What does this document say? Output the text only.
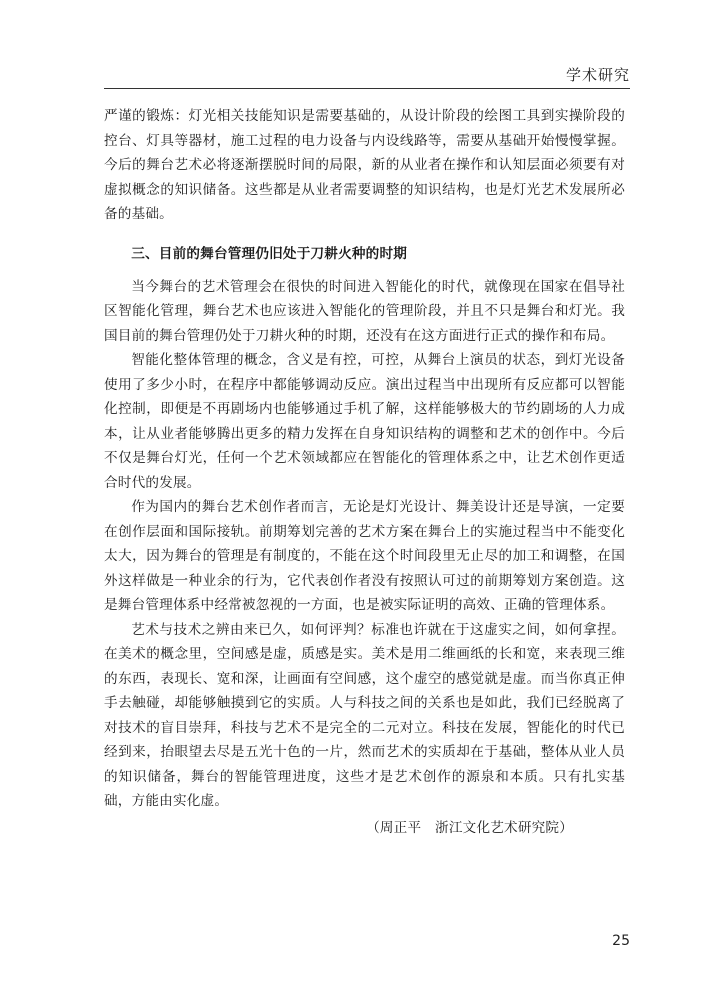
学术研究

严谨的锻炼：灯光相关技能知识是需要基础的，从设计阶段的绘图工具到实操阶段的控台、灯具等器材，施工过程的电力设备与内设线路等，需要从基础开始慢慢掌握。今后的舞台艺术必将逐渐摆脱时间的局限，新的从业者在操作和认知层面必须要有对虚拟概念的知识储备。这些都是从业者需要调整的知识结构，也是灯光艺术发展所必备的基础。

三、目前的舞台管理仍旧处于刀耕火种的时期

当今舞台的艺术管理会在很快的时间进入智能化的时代，就像现在国家在倡导社区智能化管理，舞台艺术也应该进入智能化的管理阶段，并且不只是舞台和灯光。我国目前的舞台管理仍处于刀耕火种的时期，还没有在这方面进行正式的操作和布局。

智能化整体管理的概念，含义是有控，可控，从舞台上演员的状态，到灯光设备使用了多少小时，在程序中都能够调动反应。演出过程当中出现所有反应都可以智能化控制，即便是不再剧场内也能够通过手机了解，这样能够极大的节约剧场的人力成本，让从业者能够腾出更多的精力发挥在自身知识结构的调整和艺术的创作中。今后不仅是舞台灯光，任何一个艺术领域都应在智能化的管理体系之中，让艺术创作更适合时代的发展。

作为国内的舞台艺术创作者而言，无论是灯光设计、舞美设计还是导演，一定要在创作层面和国际接轨。前期筹划完善的艺术方案在舞台上的实施过程当中不能变化太大，因为舞台的管理是有制度的，不能在这个时间段里无止尽的加工和调整，在国外这样做是一种业余的行为，它代表创作者没有按照认可过的前期筹划方案创造。这是舞台管理体系中经常被忽视的一方面，也是被实际证明的高效、正确的管理体系。

艺术与技术之辨由来已久，如何评判？标准也许就在于这虚实之间，如何拿捏。在美术的概念里，空间感是虚，质感是实。美术是用二维画纸的长和宽，来表现三维的东西，表现长、宽和深，让画面有空间感，这个虚空的感觉就是虚。而当你真正伸手去触碰，却能够触摸到它的实质。人与科技之间的关系也是如此，我们已经脱离了对技术的盲目崇拜，科技与艺术不是完全的二元对立。科技在发展，智能化的时代已经到来，抬眼望去尽是五光十色的一片，然而艺术的实质却在于基础，整体从业人员的知识储备，舞台的智能管理进度，这些才是艺术创作的源泉和本质。只有扎实基础，方能由实化虚。

（周正平　浙江文化艺术研究院）

25
